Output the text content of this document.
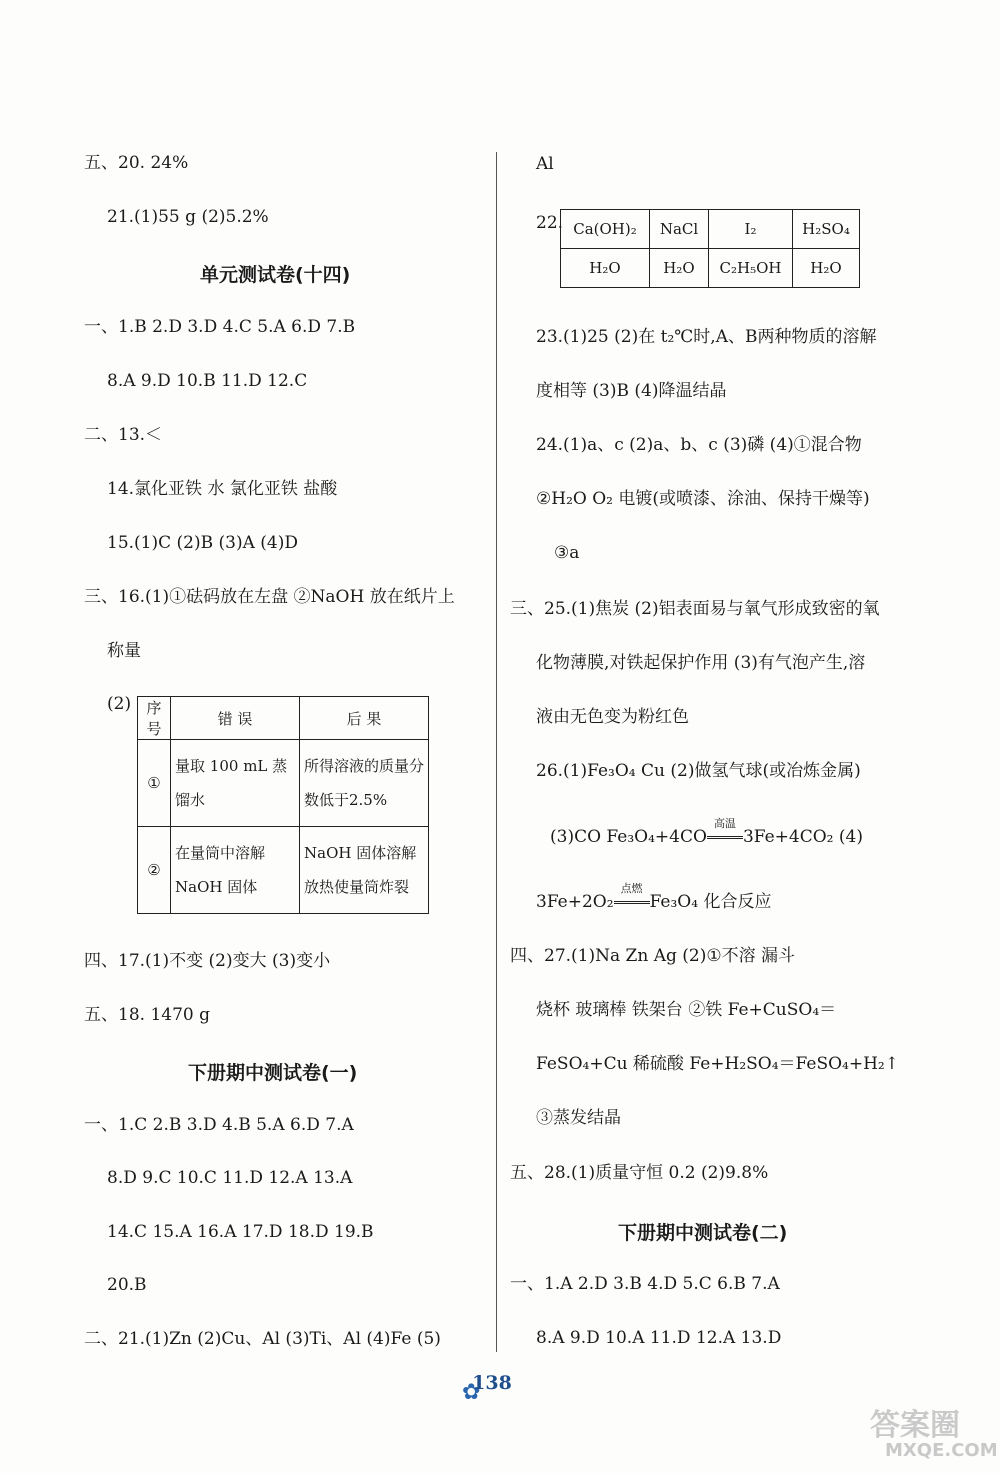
五、20. 24%
21.(1)55 g (2)5.2%
单元测试卷(十四)
一、1.B 2.D 3.D 4.C 5.A 6.D 7.B
8.A 9.D 10.B 11.D 12.C
二、13.＜
14.氯化亚铁 水 氯化亚铁 盐酸
15.(1)C (2)B (3)A (4)D
三、16.(1)①砝码放在左盘 ②NaOH 放在纸片上
称量
(2) 序号	错 误	后 果
①	量取 100 mL 蒸馏水	所得溶液的质量分数低于2.5%
②	在量筒中溶解 NaOH 固体	NaOH 固体溶解放热使量筒炸裂
四、17.(1)不变 (2)变大 (3)变小
五、18. 1470 g
下册期中测试卷(一)
一、1.C 2.B 3.D 4.B 5.A 6.D 7.A
8.D 9.C 10.C 11.D 12.A 13.A
14.C 15.A 16.A 17.D 18.D 19.B
20.B
二、21.(1)Zn (2)Cu、Al (3)Ti、Al (4)Fe (5)
Al
22. Ca(OH)₂	NaCl	I₂	H₂SO₄
H₂O	H₂O	C₂H₅OH	H₂O
23.(1)25 (2)在 t₂℃时,A、B两种物质的溶解
度相等 (3)B (4)降温结晶
24.(1)a、c (2)a、b、c (3)磷 (4)①混合物
②H₂O O₂ 电镀(或喷漆、涂油、保持干燥等)
③a
三、25.(1)焦炭 (2)铝表面易与氧气形成致密的氧
化物薄膜,对铁起保护作用 (3)有气泡产生,溶
液由无色变为粉红色
26.(1)Fe₃O₄ Cu (2)做氢气球(或冶炼金属)
(3)CO Fe₃O₄+4CO
高温
3Fe+4CO₂ (4)
3Fe+2O₂
点燃
Fe₃O₄ 化合反应
四、27.(1)Na Zn Ag (2)①不溶 漏斗
烧杯 玻璃棒 铁架台 ②铁 Fe+CuSO₄＝
FeSO₄+Cu 稀硫酸 Fe+H₂SO₄＝FeSO₄+H₂↑
③蒸发结晶
五、28.(1)质量守恒 0.2 (2)9.8%
下册期中测试卷(二)
一、1.A 2.D 3.B 4.D 5.C 6.B 7.A
8.A 9.D 10.A 11.D 12.A 13.D
✿
138
答案圈
MXQE.COM
